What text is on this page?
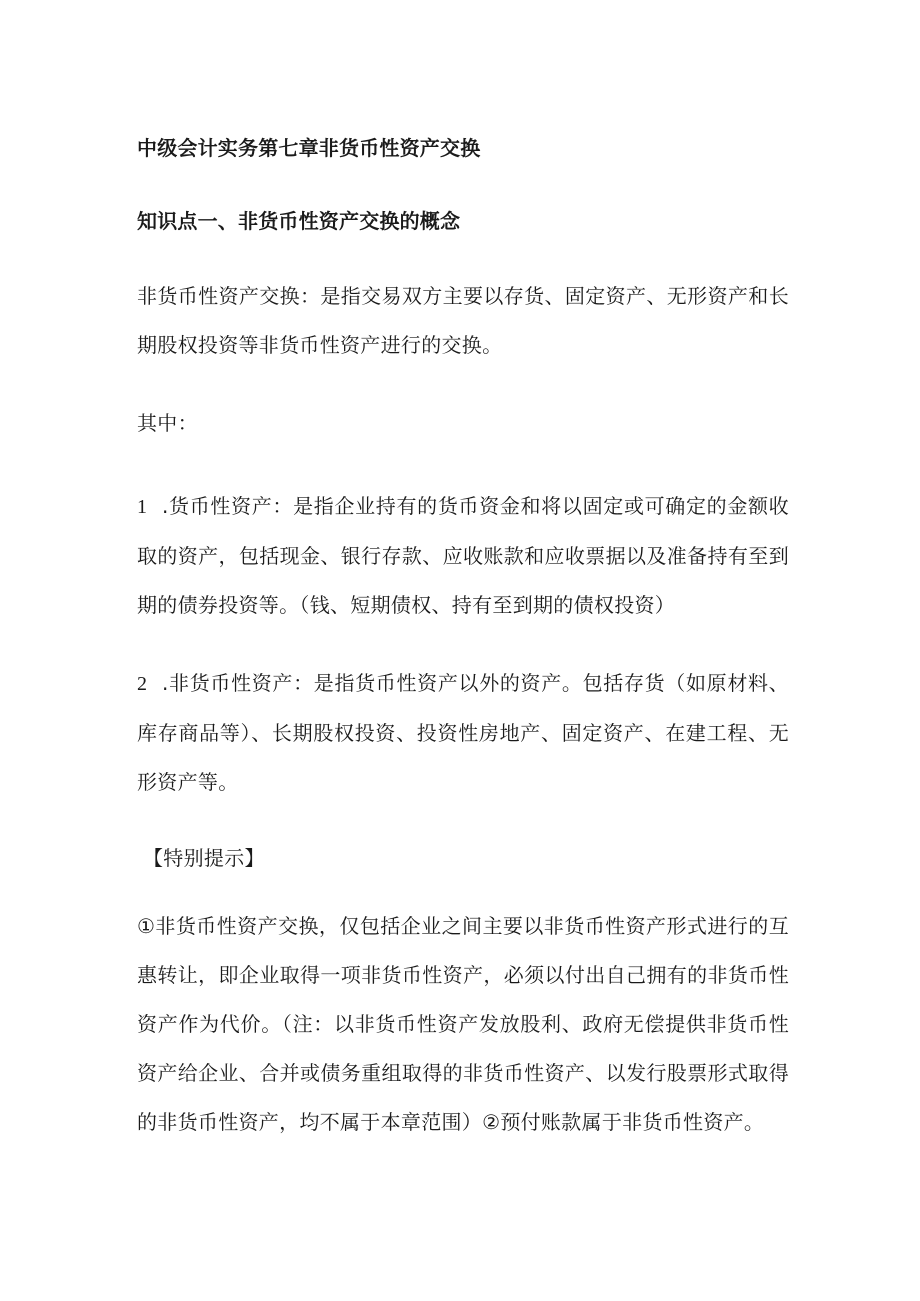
中级会计实务第七章非货币性资产交换

知识点一、非货币性资产交换的概念

非货币性资产交换：是指交易双方主要以存货、固定资产、无形资产和长期股权投资等非货币性资产进行的交换。

其中：

1 .货币性资产：是指企业持有的货币资金和将以固定或可确定的金额收取的资产，包括现金、银行存款、应收账款和应收票据以及准备持有至到期的债券投资等。（钱、短期债权、持有至到期的债权投资）

2 .非货币性资产：是指货币性资产以外的资产。包括存货（如原材料、库存商品等）、长期股权投资、投资性房地产、固定资产、在建工程、无形资产等。

【特别提示】

①非货币性资产交换，仅包括企业之间主要以非货币性资产形式进行的互惠转让，即企业取得一项非货币性资产，必须以付出自己拥有的非货币性资产作为代价。（注：以非货币性资产发放股利、政府无偿提供非货币性资产给企业、合并或债务重组取得的非货币性资产、以发行股票形式取得的非货币性资产，均不属于本章范围）②预付账款属于非货币性资产。
